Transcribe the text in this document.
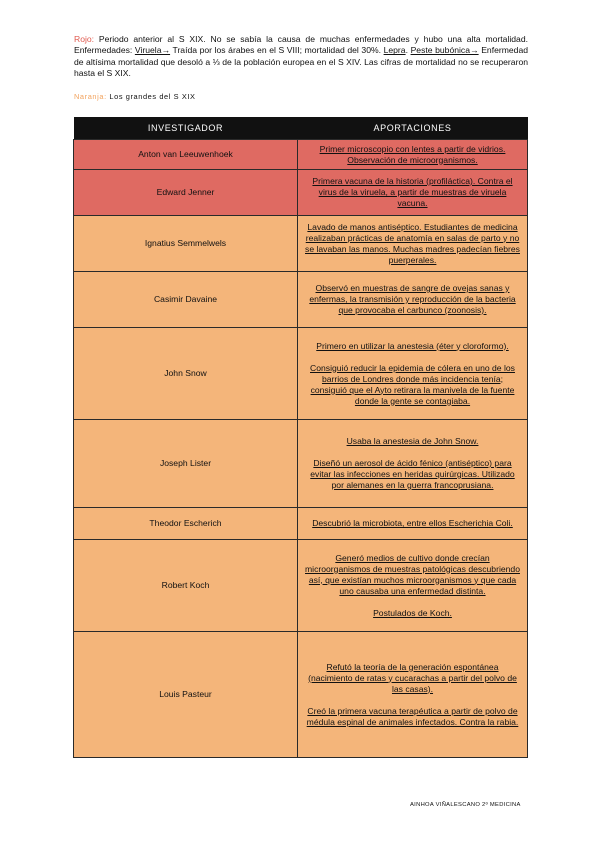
Rojo: Periodo anterior al S XIX. No se sabía la causa de muchas enfermedades y hubo una alta mortalidad. Enfermedades: Viruela→ Traída por los árabes en el S VIII; mortalidad del 30%. Lepra. Peste bubónica→ Enfermedad de altísima mortalidad que desoló a ⅓ de la población europea en el S XIV. Las cifras de mortalidad no se recuperaron hasta el S XIX.
Naranja: Los grandes del S XIX
INVESTIGADOR	APORTACIONES
Anton van Leeuwenhoek	Primer microscopio con lentes a partir de vidrios. Observación de microorganismos.

Edward Jenner	Primera vacuna de la historia (profiláctica). Contra el virus de la viruela, a partir de muestras de viruela vacuna.

Ignatius Semmelwels	Lavado de manos antiséptico. Estudiantes de medicina realizaban prácticas de anatomía en salas de parto y no se lavaban las manos. Muchas madres padecían fiebres puerperales.

Casimir Davaine	Observó en muestras de sangre de ovejas sanas y enfermas, la transmisión y reproducción de la bacteria que provocaba el carbunco (zoonosis).

John Snow	Primero en utilizar la anestesia (éter y cloroformo).

Consiguió reducir la epidemia de cólera en uno de los barrios de Londres donde más incidencia tenía; consiguió que el Ayto retirara la manivela de la fuente donde la gente se contagiaba.

Joseph Lister	Usaba la anestesia de John Snow.

Diseñó un aerosol de ácido fénico (antiséptico) para evitar las infecciones en heridas quirúrgicas. Utilizado por alemanes en la guerra francoprusiana.

Theodor Escherich	Descubrió la microbiota, entre ellos Escherichia Coli.

Robert Koch	Generó medios de cultivo donde crecían microorganismos de muestras patológicas descubriendo así, que existían muchos microorganismos y que cada uno causaba una enfermedad distinta.

Postulados de Koch.

Louis Pasteur	Refutó la teoría de la generación espontánea (nacimiento de ratas y cucarachas a partir del polvo de las casas).

Creó la primera vacuna terapéutica a partir de polvo de médula espinal de animales infectados. Contra la rabia.

AINHOA VIÑALESCANO 2º MEDICINA
